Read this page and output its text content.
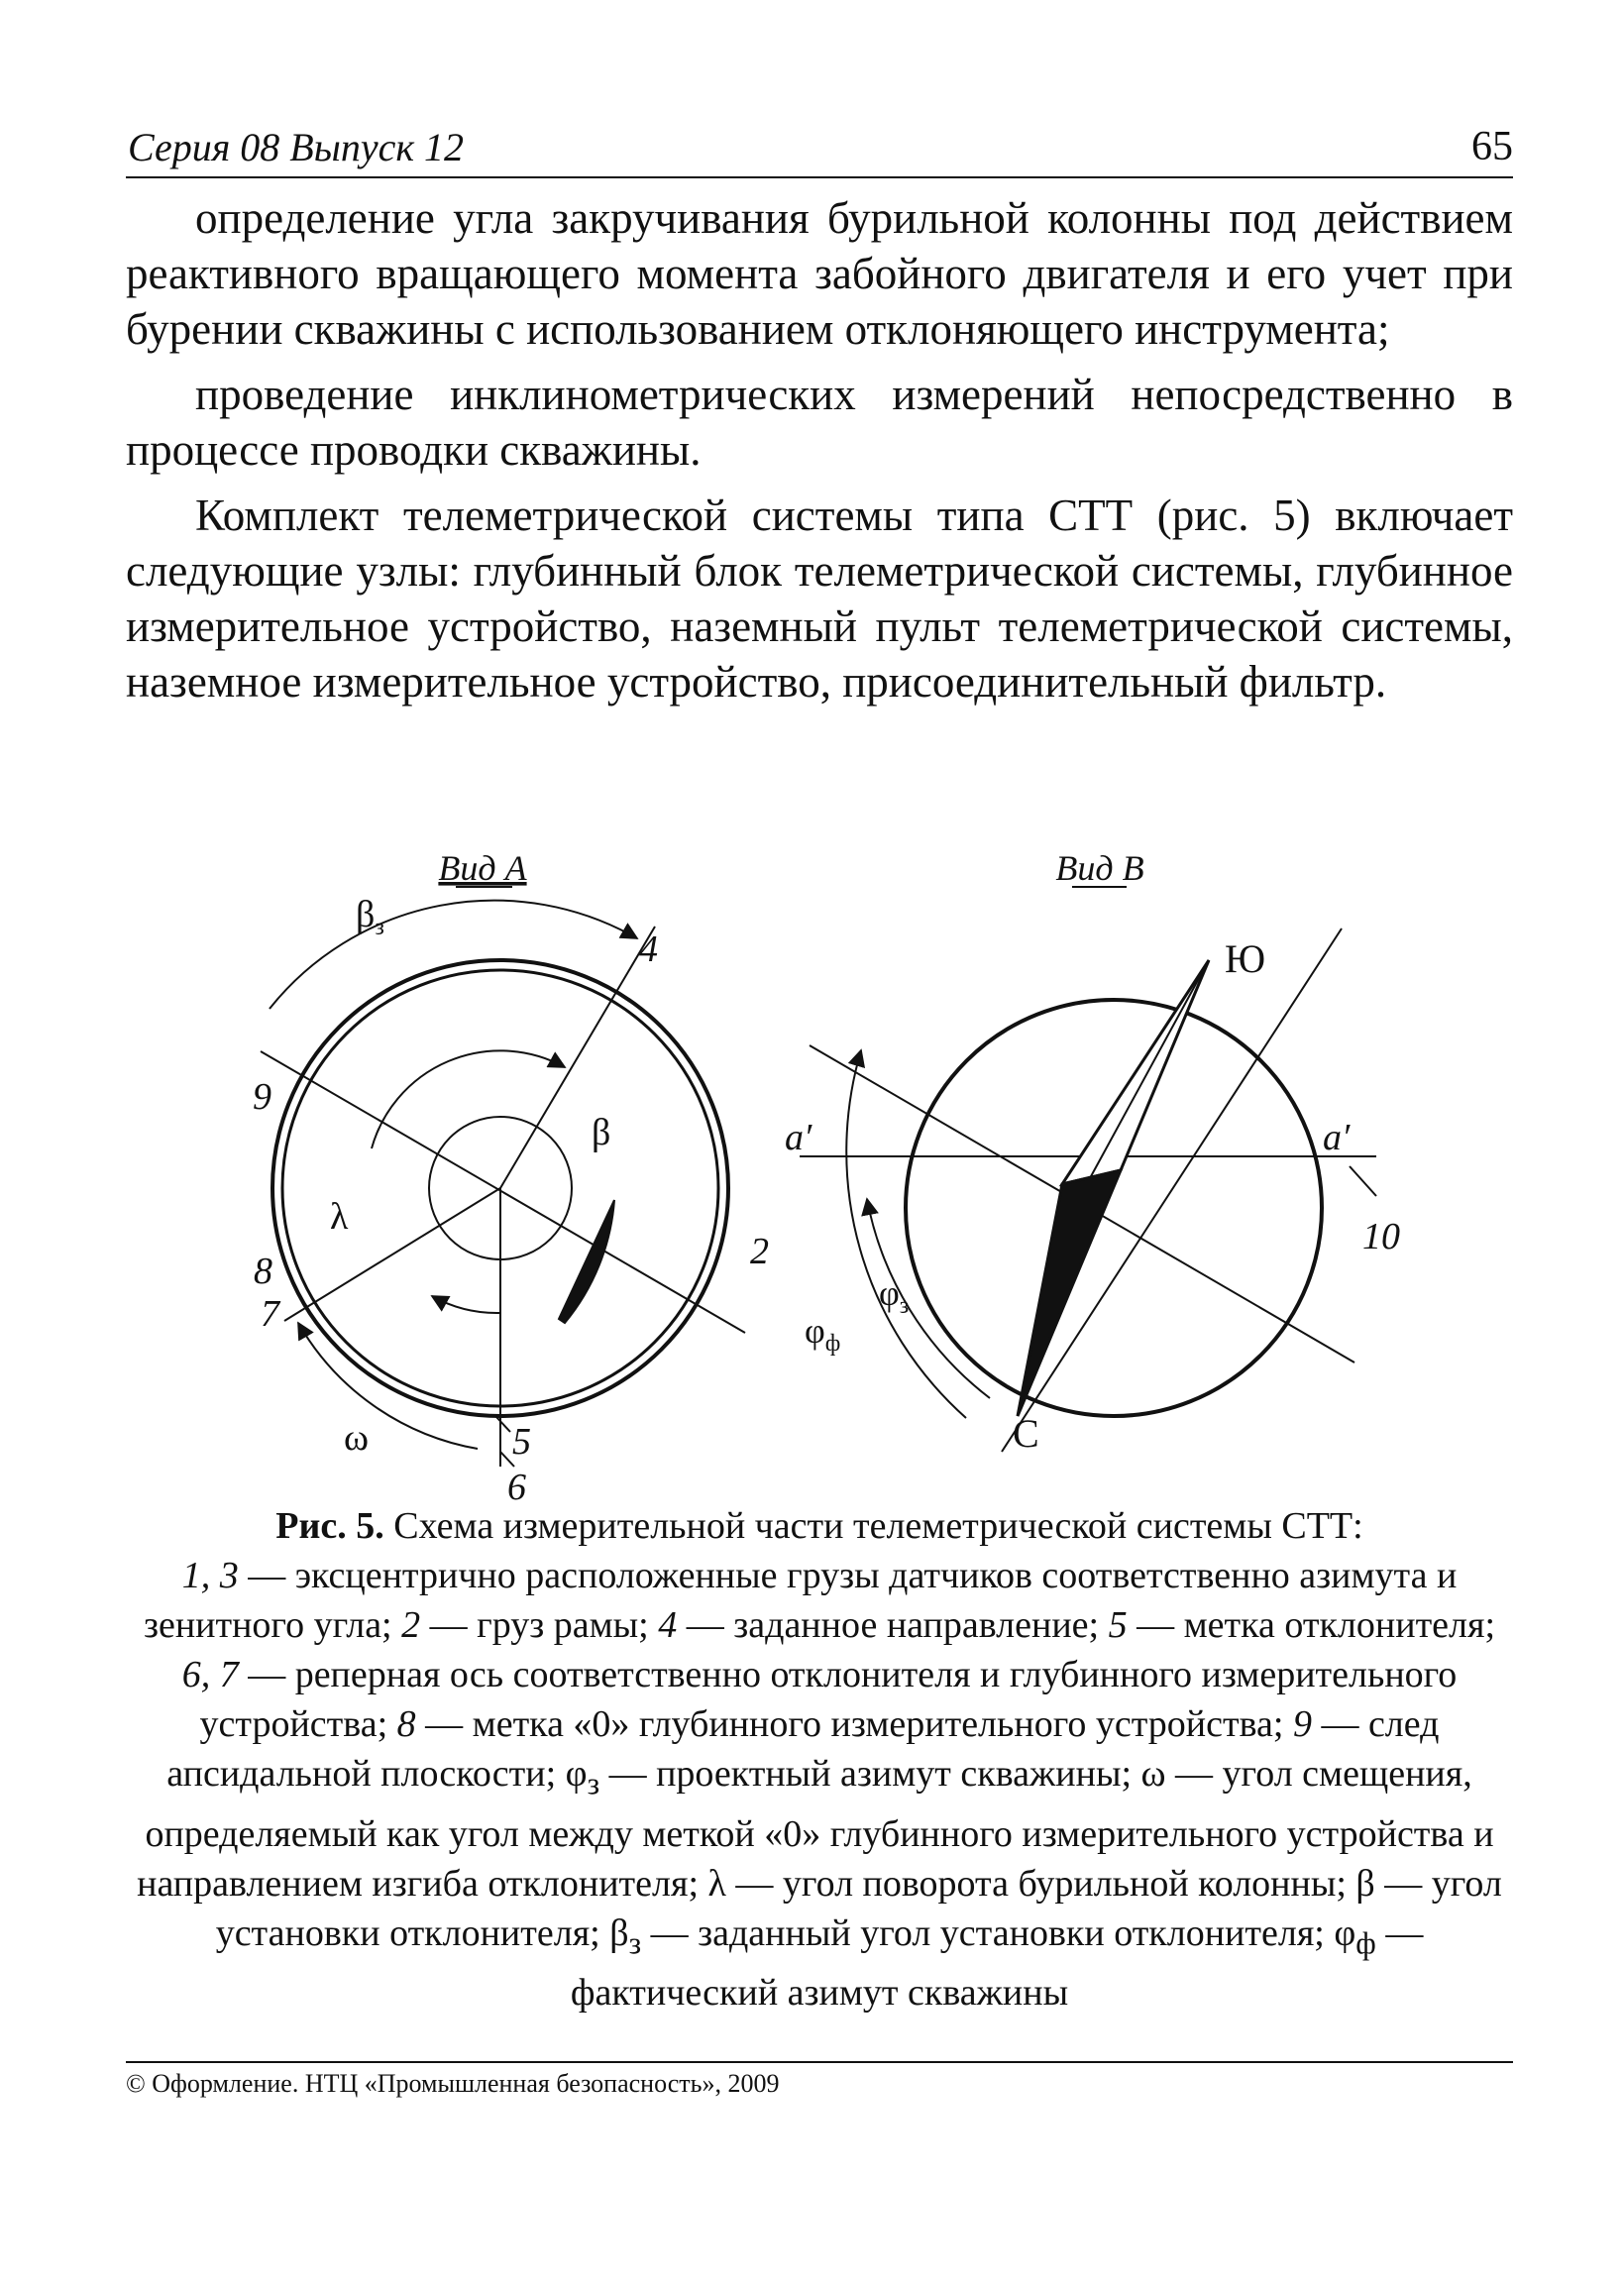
Серия 08 Выпуск 12	65

определение угла закручивания бурильной колонны под действием реактивного вращающего момента забойного двигателя и его учет при бурении скважины с использованием отклоняющего инструмента;

проведение инклинометрических измерений непосредственно в процессе проводки скважины.

Комплект телеметрической системы типа СТТ (рис. 5) включает следующие узлы: глубинный блок телеметрической системы, глубинное измерительное устройство, наземный пульт телеметрической системы, наземное измерительное устройство, присоединительный фильтр.

Вид А
$\beta_з$
β
λ
ω
2
4
5
6
7
8
9
Вид В
Ю
С
a′	a′
10
$\varphi_ф$
$\varphi_з$
Рис. 5. Схема измерительной части телеметрической системы СТТ:
1, 3 — эксцентрично расположенные грузы датчиков соответственно азимута и зенитного угла; 2 — груз рамы; 4 — заданное направление; 5 — метка отклонителя; 6, 7 — реперная ось соответственно отклонителя и глубинного измерительного устройства; 8 — метка «0» глубинного измерительного устройства; 9 — след апсидальной плоскости; $\varphi_з$ — проектный азимут скважины; ω — угол смещения, определяемый как угол между меткой «0» глубинного измерительного устройства и направлением изгиба отклонителя; λ — угол поворота бурильной колонны; β — угол установки отклонителя; $\beta_з$ — заданный угол установки отклонителя; $\varphi_ф$ — фактический азимут скважины
© Оформление. НТЦ «Промышленная безопасность», 2009
